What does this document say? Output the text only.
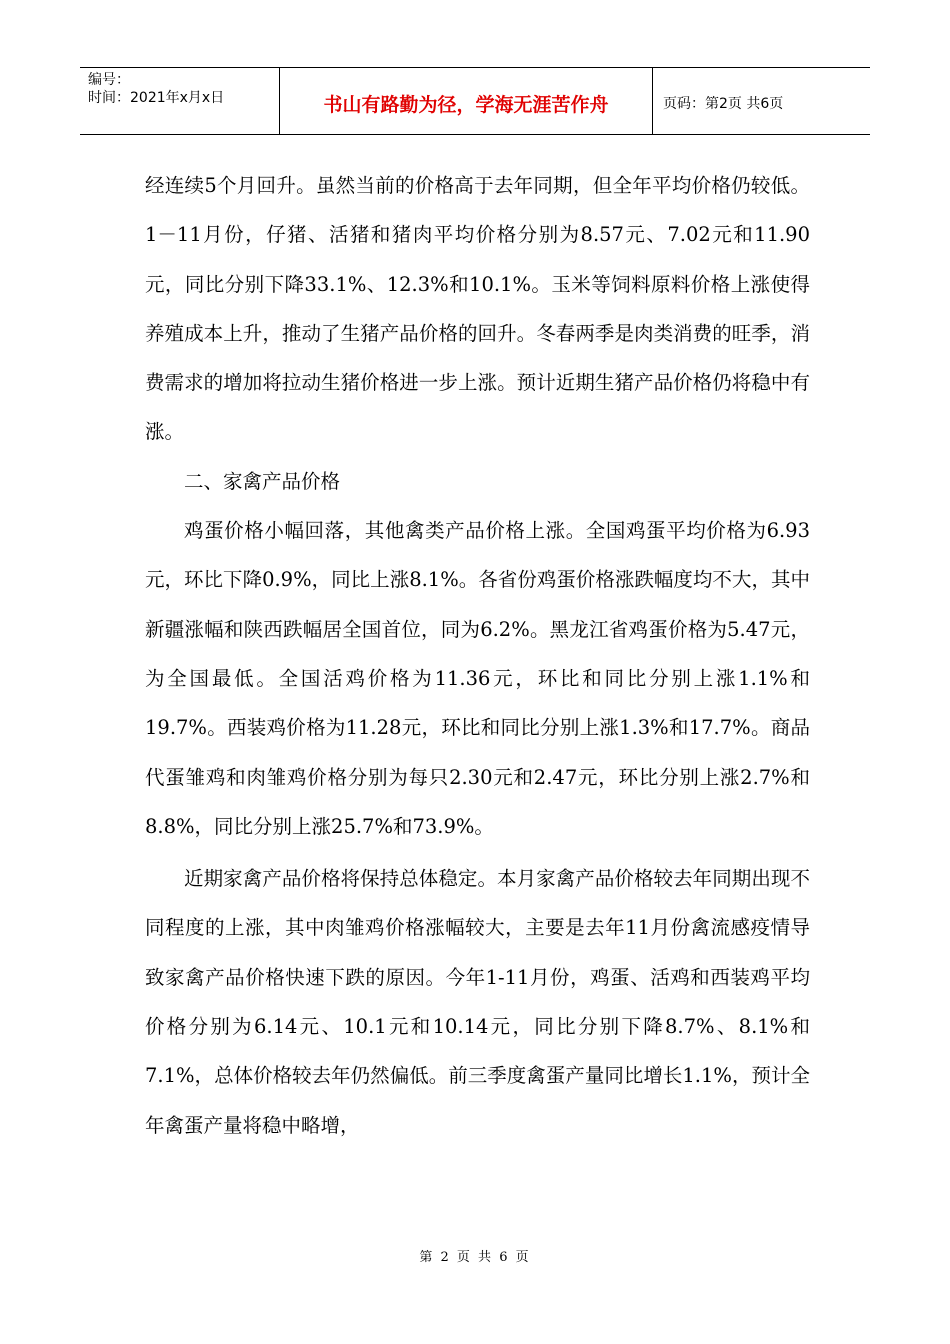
编号：
时间：2021年x月x日	书山有路勤为径，学海无涯苦作舟	页码：第2页 共6页

经连续5个月回升。虽然当前的价格高于去年同期，但全年平均价格仍较低。1－11月份，仔猪、活猪和猪肉平均价格分别为8.57元、7.02元和11.90元，同比分别下降33.1%、12.3%和10.1%。玉米等饲料原料价格上涨使得养殖成本上升，推动了生猪产品价格的回升。冬春两季是肉类消费的旺季，消费需求的增加将拉动生猪价格进一步上涨。预计近期生猪产品价格仍将稳中有涨。

二、家禽产品价格

鸡蛋价格小幅回落，其他禽类产品价格上涨。全国鸡蛋平均价格为6.93元，环比下降0.9%，同比上涨8.1%。各省份鸡蛋价格涨跌幅度均不大，其中新疆涨幅和陕西跌幅居全国首位，同为6.2%。黑龙江省鸡蛋价格为5.47元，为全国最低。全国活鸡价格为11.36元，环比和同比分别上涨1.1%和19.7%。西装鸡价格为11.28元，环比和同比分别上涨1.3%和17.7%。商品代蛋雏鸡和肉雏鸡价格分别为每只2.30元和2.47元，环比分别上涨2.7%和8.8%，同比分别上涨25.7%和73.9%。

近期家禽产品价格将保持总体稳定。本月家禽产品价格较去年同期出现不同程度的上涨，其中肉雏鸡价格涨幅较大，主要是去年11月份禽流感疫情导致家禽产品价格快速下跌的原因。今年1-11月份，鸡蛋、活鸡和西装鸡平均价格分别为6.14元、10.1元和10.14元，同比分别下降8.7%、8.1%和7.1%，总体价格较去年仍然偏低。前三季度禽蛋产量同比增长1.1%，预计全年禽蛋产量将稳中略增，

第 2 页 共 6 页
